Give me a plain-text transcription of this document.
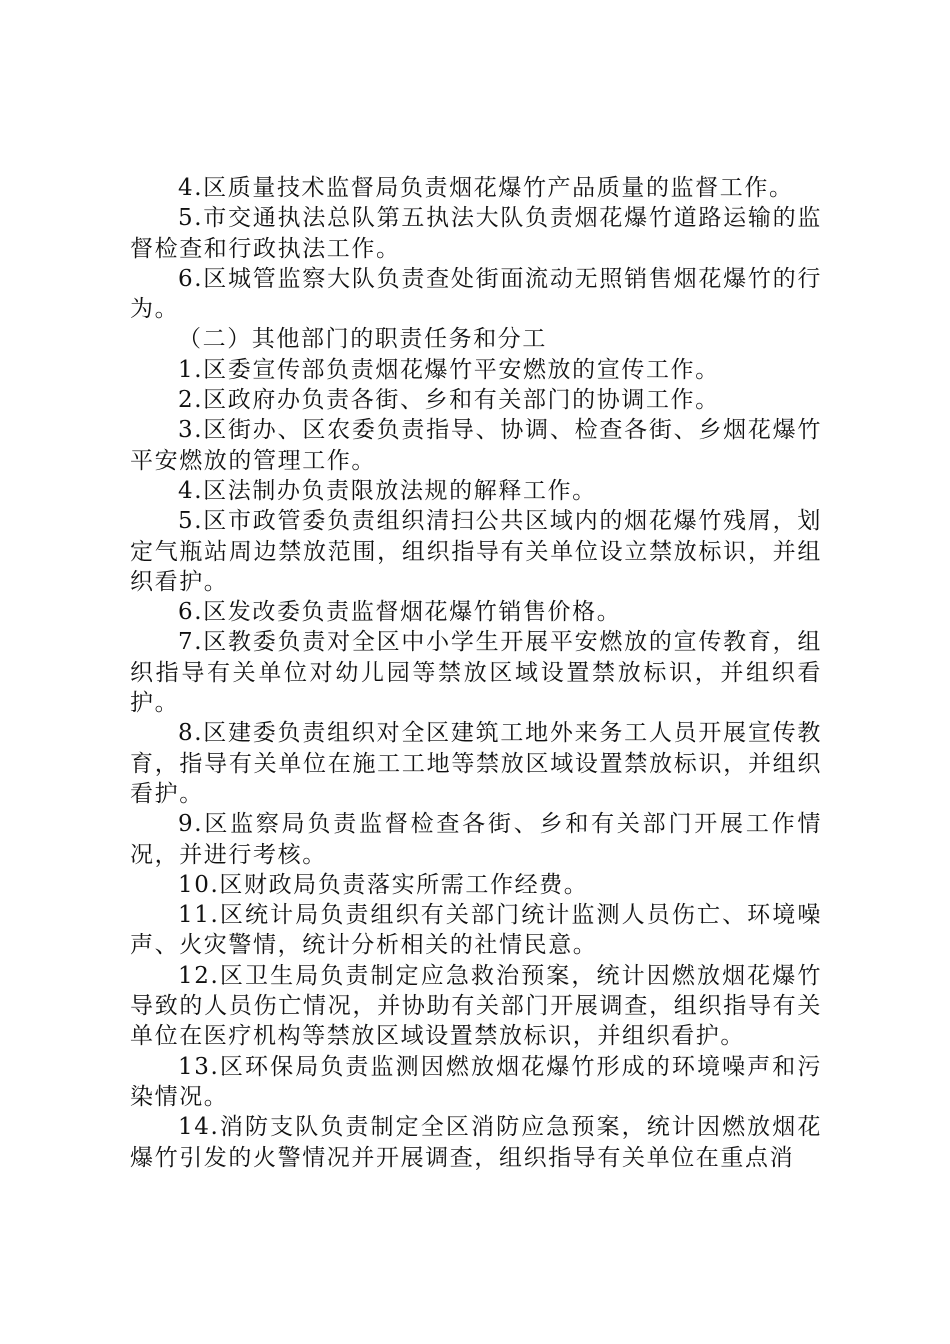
4.区质量技术监督局负责烟花爆竹产品质量的监督工作。

5.市交通执法总队第五执法大队负责烟花爆竹道路运输的监督检查和行政执法工作。

6.区城管监察大队负责查处街面流动无照销售烟花爆竹的行为。

（二）其他部门的职责任务和分工

1.区委宣传部负责烟花爆竹平安燃放的宣传工作。

2.区政府办负责各街、乡和有关部门的协调工作。

3.区街办、区农委负责指导、协调、检查各街、乡烟花爆竹平安燃放的管理工作。

4.区法制办负责限放法规的解释工作。

5.区市政管委负责组织清扫公共区域内的烟花爆竹残屑，划定气瓶站周边禁放范围，组织指导有关单位设立禁放标识，并组织看护。

6.区发改委负责监督烟花爆竹销售价格。

7.区教委负责对全区中小学生开展平安燃放的宣传教育，组织指导有关单位对幼儿园等禁放区域设置禁放标识，并组织看护。

8.区建委负责组织对全区建筑工地外来务工人员开展宣传教育，指导有关单位在施工工地等禁放区域设置禁放标识，并组织看护。

9.区监察局负责监督检查各街、乡和有关部门开展工作情况，并进行考核。

10.区财政局负责落实所需工作经费。

11.区统计局负责组织有关部门统计监测人员伤亡、环境噪声、火灾警情，统计分析相关的社情民意。

12.区卫生局负责制定应急救治预案，统计因燃放烟花爆竹导致的人员伤亡情况，并协助有关部门开展调查，组织指导有关单位在医疗机构等禁放区域设置禁放标识，并组织看护。

13.区环保局负责监测因燃放烟花爆竹形成的环境噪声和污染情况。

14.消防支队负责制定全区消防应急预案，统计因燃放烟花爆竹引发的火警情况并开展调查，组织指导有关单位在重点消
